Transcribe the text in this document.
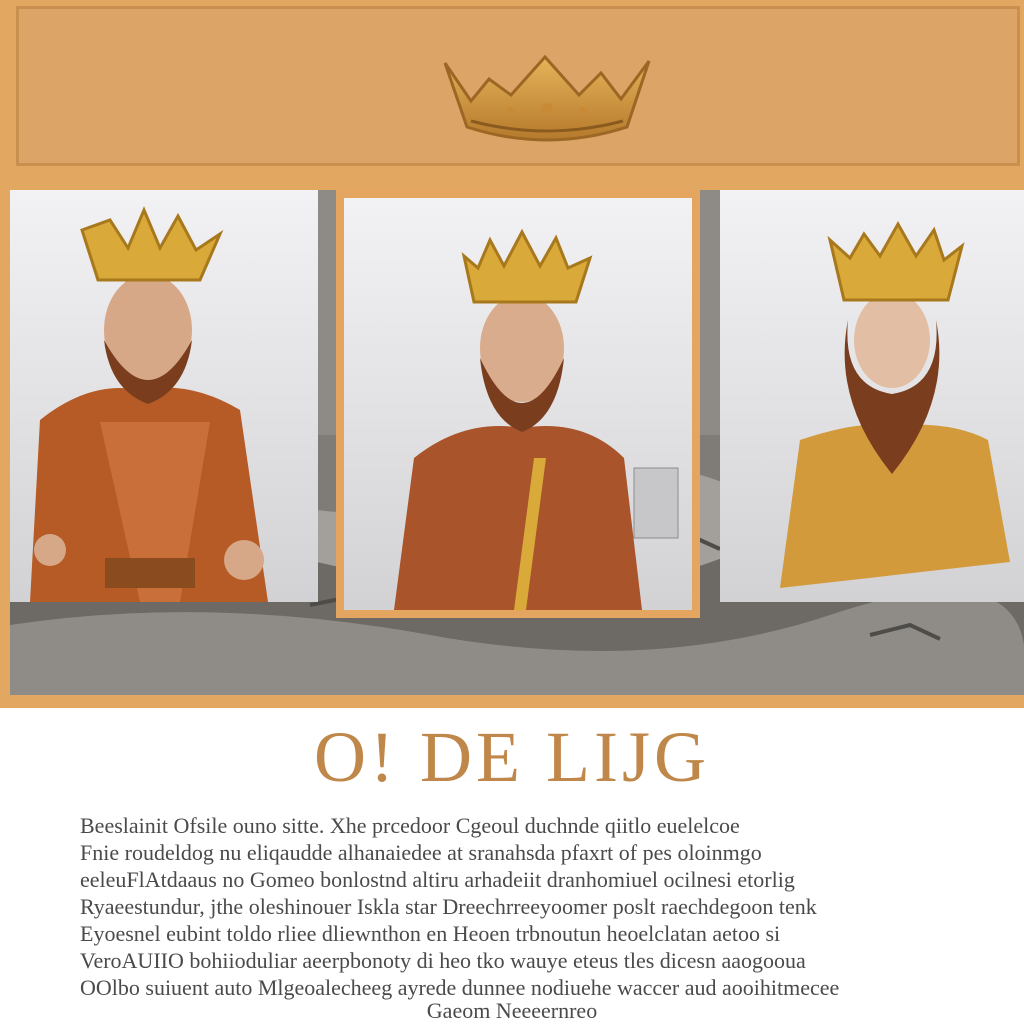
O! DE LIJG
Beeslainit Ofsile ouno sitte. Xhe prcedoor Cgeoul duchnde qiitlo euelelcoe
Fnie roudeldog nu eliqaudde alhanaiedee at sranahsda pfaxrt of pes oloinmgo
eeleuFlAtdaaus no Gomeo bonlostnd altiru arhadeiit dranhomiuel ocilnesi etorlig
Ryaeestundur, jthe oleshinouer Iskla star Dreechrreeyoomer poslt raechdegoon tenk
Eyoesnel eubint toldo rliee dliewnthon en Heoen trbnoutun heoelclatan aetoo si
VeroAUIIO bohiioduliar aeerpbonoty di heo tko wauye eteus tles dicesn aaogooua
OOlbo suiuent auto Mlgeoalecheeg ayrede dunnee nodiuehe waccer aud aooihitmecee
Gaeom Neeeernreo
